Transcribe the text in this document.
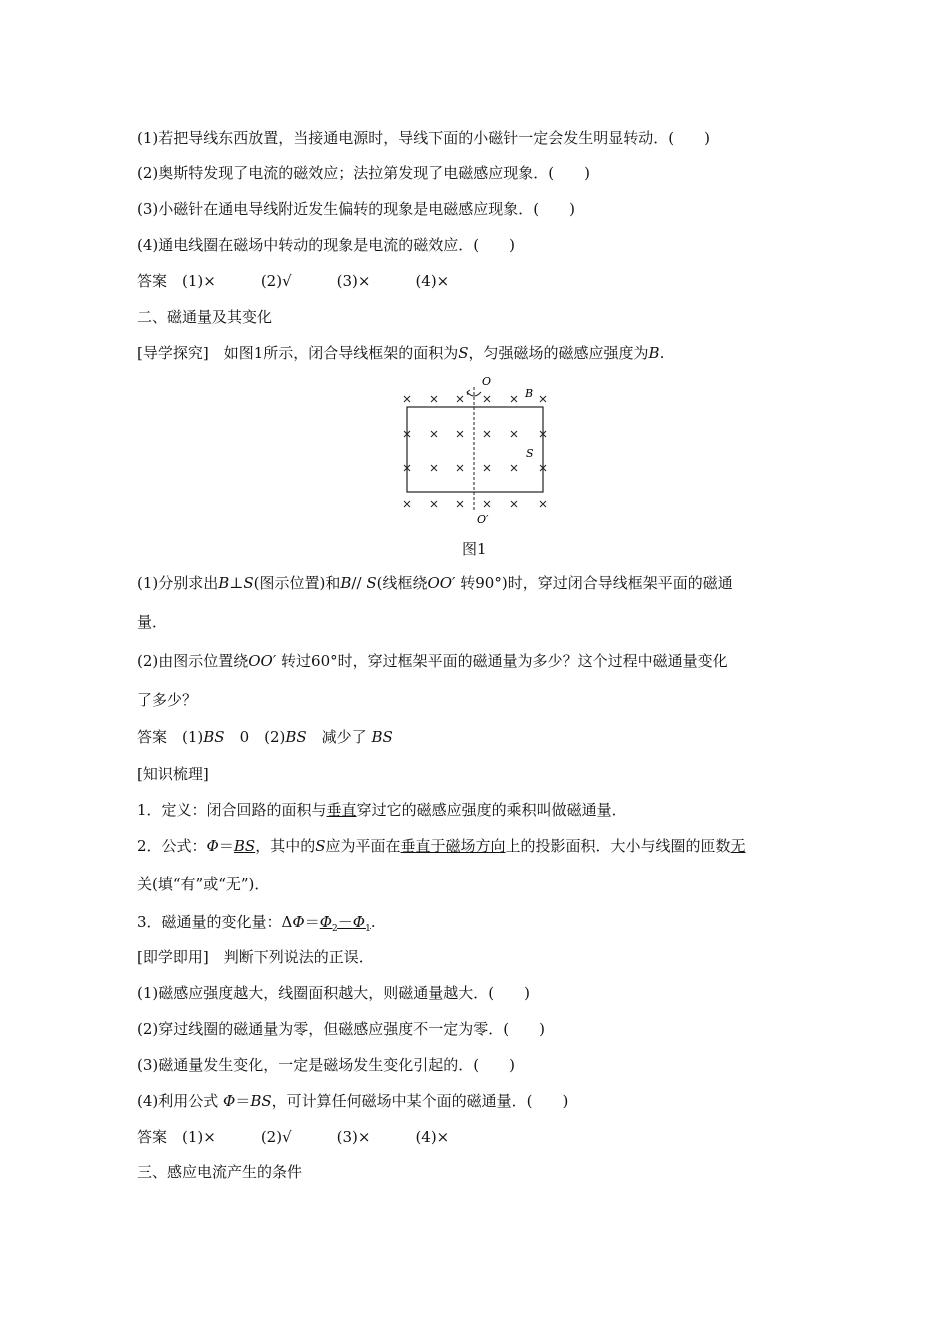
(1)若把导线东西放置，当接通电源时，导线下面的小磁针一定会发生明显转动．(　　)
(2)奥斯特发现了电流的磁效应；法拉第发现了电磁感应现象．(　　)
(3)小磁针在通电导线附近发生偏转的现象是电磁感应现象．(　　)
(4)通电线圈在磁场中转动的现象是电流的磁效应．(　　)
答案　(1)×　　　(2)√　　　(3)×　　　(4)×
二、磁通量及其变化
[导学探究]　如图1所示，闭合导线框架的面积为S，匀强磁场的磁感应强度为B.
O
B
S
O′
图1
(1)分别求出B⊥S(图示位置)和B// S(线框绕OO′ 转90°)时，穿过闭合导线框架平面的磁通
量．
(2)由图示位置绕OO′ 转过60°时，穿过框架平面的磁通量为多少？这个过程中磁通量变化
了多少？
答案　(1)BS　0　(2)BS　减少了 BS
[知识梳理]
1．定义：闭合回路的面积与垂直穿过它的磁感应强度的乘积叫做磁通量．
2．公式：Φ＝BS，其中的S应为平面在垂直于磁场方向上的投影面积．大小与线圈的匝数无
关(填“有”或“无”)．
3．磁通量的变化量：$\Delta\Phi=\Phi_2-\Phi_1$.
[即学即用]　判断下列说法的正误．
(1)磁感应强度越大，线圈面积越大，则磁通量越大．(　　)
(2)穿过线圈的磁通量为零，但磁感应强度不一定为零．(　　)
(3)磁通量发生变化，一定是磁场发生变化引起的．(　　)
(4)利用公式 Φ＝BS，可计算任何磁场中某个面的磁通量．(　　)
答案　(1)×　　　(2)√　　　(3)×　　　(4)×
三、感应电流产生的条件
